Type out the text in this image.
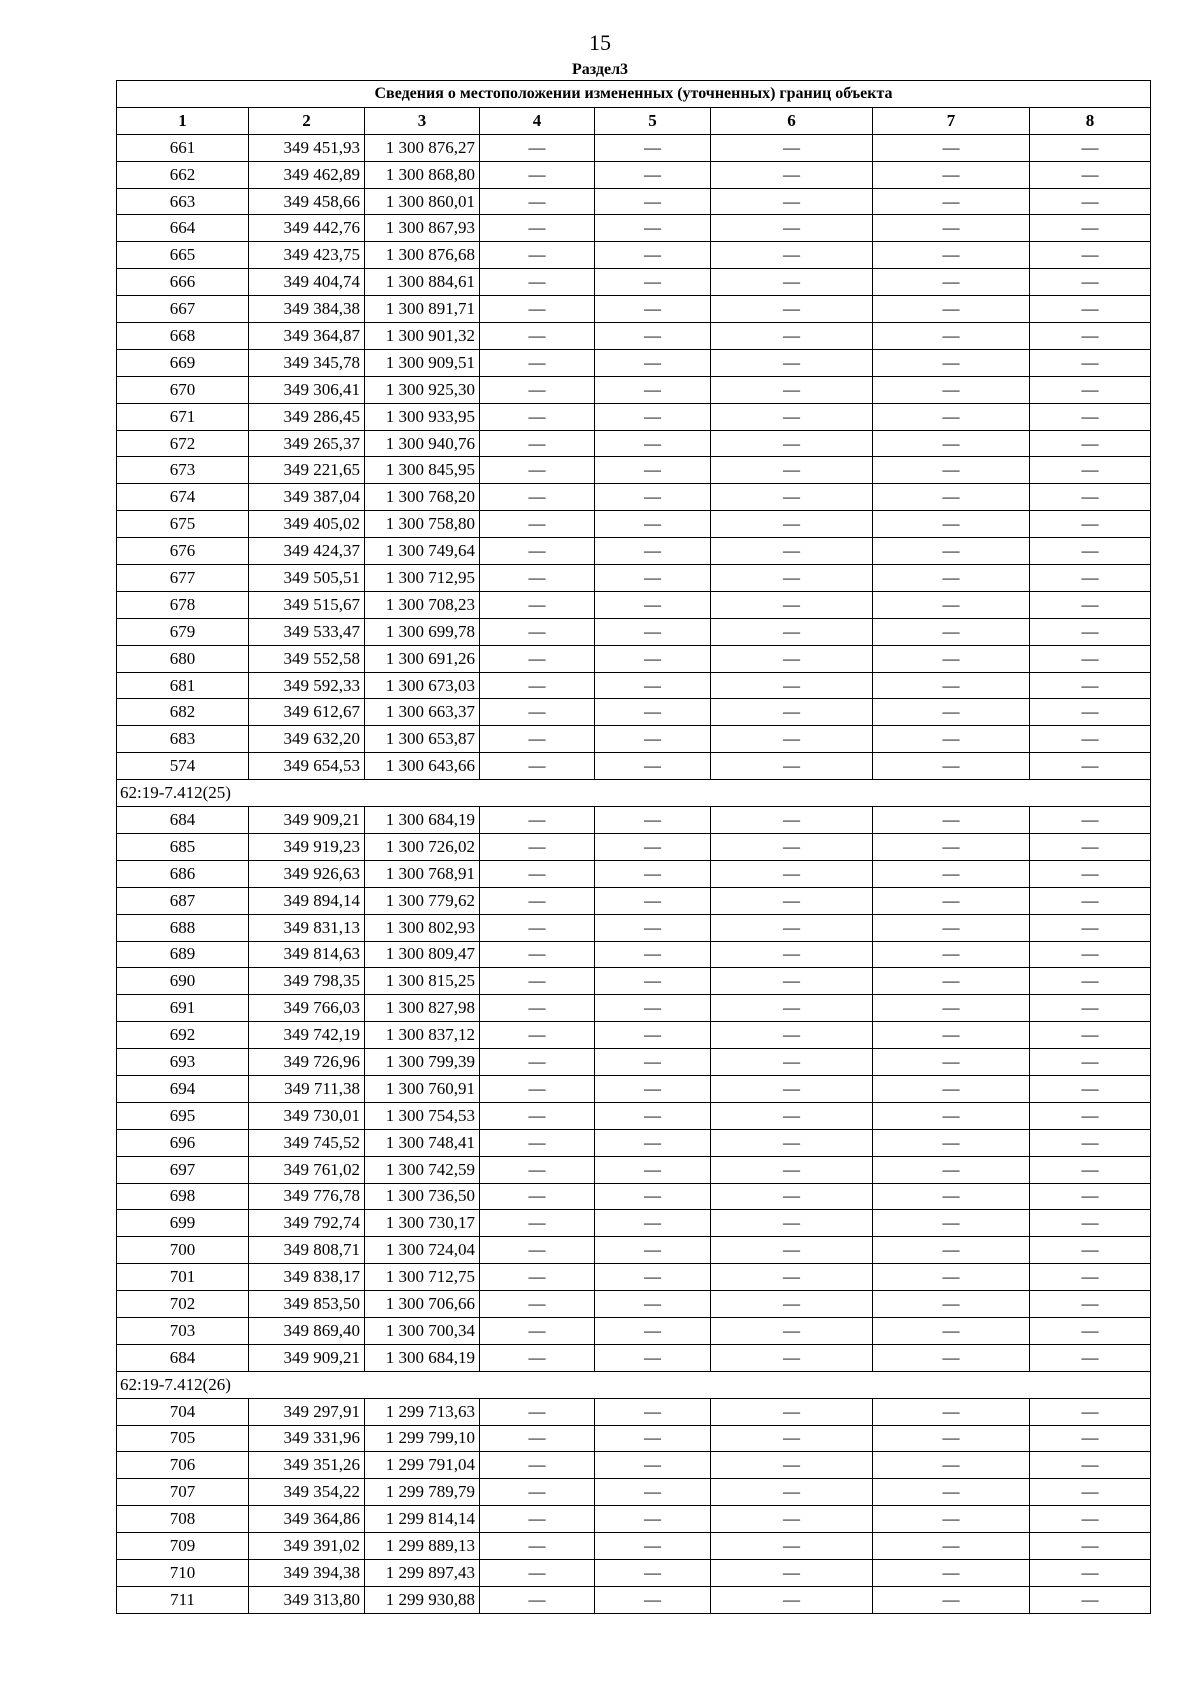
15
Раздел3
Сведения о местоположении измененных (уточненных) границ объекта							
1	2	3	4	5	6	7	8
661	349 451,93	1 300 876,27	—	—	—	—	—
662	349 462,89	1 300 868,80	—	—	—	—	—
663	349 458,66	1 300 860,01	—	—	—	—	—
664	349 442,76	1 300 867,93	—	—	—	—	—
665	349 423,75	1 300 876,68	—	—	—	—	—
666	349 404,74	1 300 884,61	—	—	—	—	—
667	349 384,38	1 300 891,71	—	—	—	—	—
668	349 364,87	1 300 901,32	—	—	—	—	—
669	349 345,78	1 300 909,51	—	—	—	—	—
670	349 306,41	1 300 925,30	—	—	—	—	—
671	349 286,45	1 300 933,95	—	—	—	—	—
672	349 265,37	1 300 940,76	—	—	—	—	—
673	349 221,65	1 300 845,95	—	—	—	—	—
674	349 387,04	1 300 768,20	—	—	—	—	—
675	349 405,02	1 300 758,80	—	—	—	—	—
676	349 424,37	1 300 749,64	—	—	—	—	—
677	349 505,51	1 300 712,95	—	—	—	—	—
678	349 515,67	1 300 708,23	—	—	—	—	—
679	349 533,47	1 300 699,78	—	—	—	—	—
680	349 552,58	1 300 691,26	—	—	—	—	—
681	349 592,33	1 300 673,03	—	—	—	—	—
682	349 612,67	1 300 663,37	—	—	—	—	—
683	349 632,20	1 300 653,87	—	—	—	—	—
574	349 654,53	1 300 643,66	—	—	—	—	—
62:19-7.412(25)							
684	349 909,21	1 300 684,19	—	—	—	—	—
685	349 919,23	1 300 726,02	—	—	—	—	—
686	349 926,63	1 300 768,91	—	—	—	—	—
687	349 894,14	1 300 779,62	—	—	—	—	—
688	349 831,13	1 300 802,93	—	—	—	—	—
689	349 814,63	1 300 809,47	—	—	—	—	—
690	349 798,35	1 300 815,25	—	—	—	—	—
691	349 766,03	1 300 827,98	—	—	—	—	—
692	349 742,19	1 300 837,12	—	—	—	—	—
693	349 726,96	1 300 799,39	—	—	—	—	—
694	349 711,38	1 300 760,91	—	—	—	—	—
695	349 730,01	1 300 754,53	—	—	—	—	—
696	349 745,52	1 300 748,41	—	—	—	—	—
697	349 761,02	1 300 742,59	—	—	—	—	—
698	349 776,78	1 300 736,50	—	—	—	—	—
699	349 792,74	1 300 730,17	—	—	—	—	—
700	349 808,71	1 300 724,04	—	—	—	—	—
701	349 838,17	1 300 712,75	—	—	—	—	—
702	349 853,50	1 300 706,66	—	—	—	—	—
703	349 869,40	1 300 700,34	—	—	—	—	—
684	349 909,21	1 300 684,19	—	—	—	—	—
62:19-7.412(26)							
704	349 297,91	1 299 713,63	—	—	—	—	—
705	349 331,96	1 299 799,10	—	—	—	—	—
706	349 351,26	1 299 791,04	—	—	—	—	—
707	349 354,22	1 299 789,79	—	—	—	—	—
708	349 364,86	1 299 814,14	—	—	—	—	—
709	349 391,02	1 299 889,13	—	—	—	—	—
710	349 394,38	1 299 897,43	—	—	—	—	—
711	349 313,80	1 299 930,88	—	—	—	—	—
